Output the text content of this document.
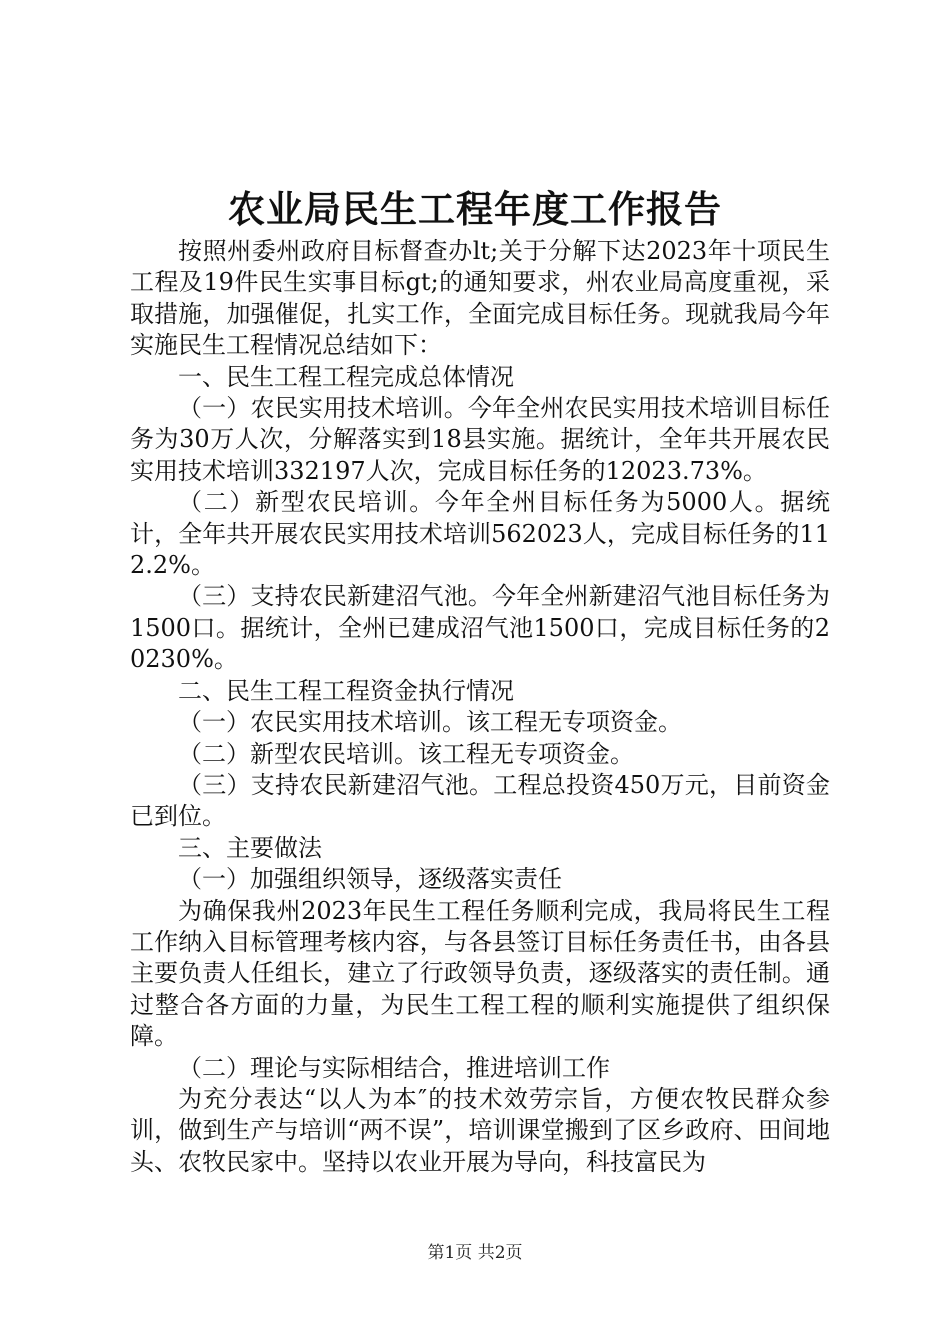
农业局民生工程年度工作报告

按照州委州政府目标督查办lt;关于分解下达2023年十项民生工程及19件民生实事目标gt;的通知要求，州农业局高度重视，采取措施，加强催促，扎实工作，全面完成目标任务。现就我局今年实施民生工程情况总结如下：

一、民生工程工程完成总体情况

（一）农民实用技术培训。今年全州农民实用技术培训目标任务为30万人次，分解落实到18县实施。据统计，全年共开展农民实用技术培训332197人次，完成目标任务的12023.73%。

（二）新型农民培训。今年全州目标任务为5000人。据统计，全年共开展农民实用技术培训562023人，完成目标任务的112.2%。

（三）支持农民新建沼气池。今年全州新建沼气池目标任务为1500口。据统计，全州已建成沼气池1500口，完成目标任务的20230%。

二、民生工程工程资金执行情况

（一）农民实用技术培训。该工程无专项资金。

（二）新型农民培训。该工程无专项资金。

（三）支持农民新建沼气池。工程总投资450万元，目前资金已到位。

三、主要做法

（一）加强组织领导，逐级落实责任

为确保我州2023年民生工程任务顺利完成，我局将民生工程工作纳入目标管理考核内容，与各县签订目标任务责任书，由各县主要负责人任组长，建立了行政领导负责，逐级落实的责任制。通过整合各方面的力量，为民生工程工程的顺利实施提供了组织保障。

（二）理论与实际相结合，推进培训工作

为充分表达“以人为本″的技术效劳宗旨，方便农牧民群众参训，做到生产与培训“两不误”，培训课堂搬到了区乡政府、田间地头、农牧民家中。坚持以农业开展为导向，科技富民为

第1页 共2页
